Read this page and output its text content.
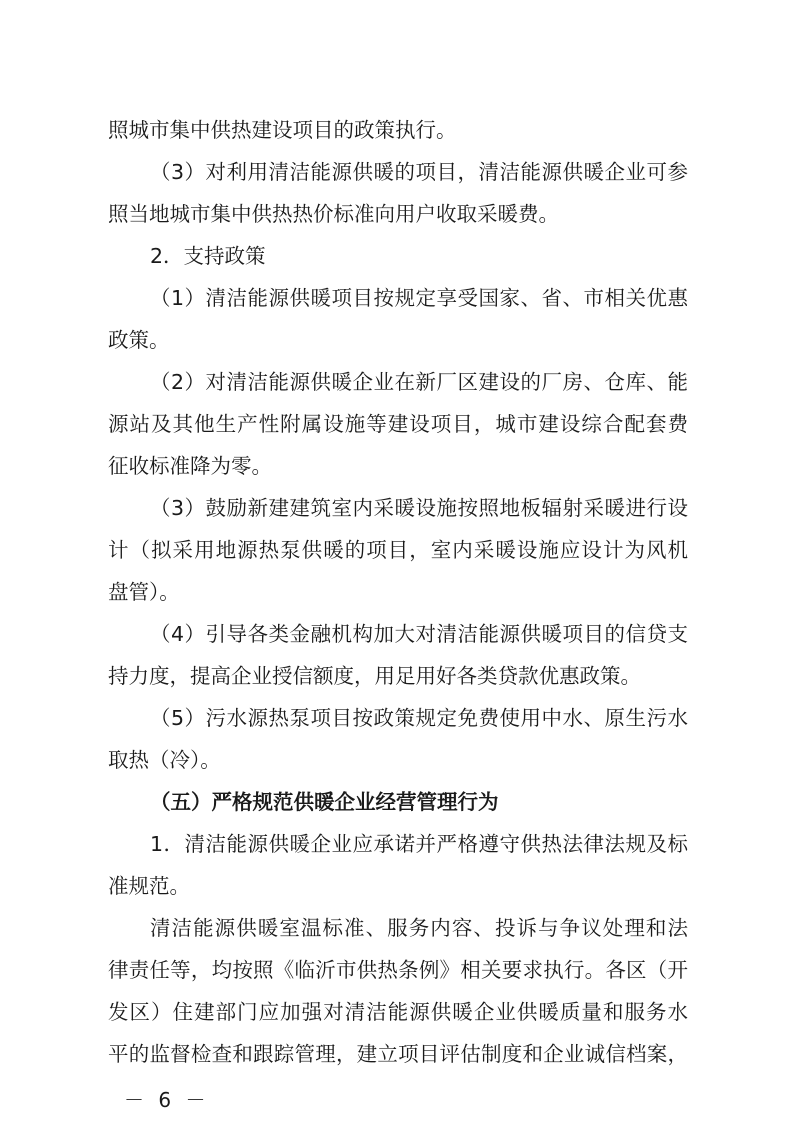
照城市集中供热建设项目的政策执行。
（3）对利用清洁能源供暖的项目，清洁能源供暖企业可参
照当地城市集中供热热价标准向用户收取采暖费。
2．支持政策
（1）清洁能源供暖项目按规定享受国家、省、市相关优惠
政策。
（2）对清洁能源供暖企业在新厂区建设的厂房、仓库、能
源站及其他生产性附属设施等建设项目，城市建设综合配套费
征收标准降为零。
（3）鼓励新建建筑室内采暖设施按照地板辐射采暖进行设
计（拟采用地源热泵供暖的项目，室内采暖设施应设计为风机
盘管）。
（4）引导各类金融机构加大对清洁能源供暖项目的信贷支
持力度，提高企业授信额度，用足用好各类贷款优惠政策。
（5）污水源热泵项目按政策规定免费使用中水、原生污水
取热（冷）。
（五）严格规范供暖企业经营管理行为
1．清洁能源供暖企业应承诺并严格遵守供热法律法规及标
准规范。
清洁能源供暖室温标准、服务内容、投诉与争议处理和法
律责任等，均按照《临沂市供热条例》相关要求执行。各区（开
发区）住建部门应加强对清洁能源供暖企业供暖质量和服务水
平的监督检查和跟踪管理，建立项目评估制度和企业诚信档案，
－ 6 －
